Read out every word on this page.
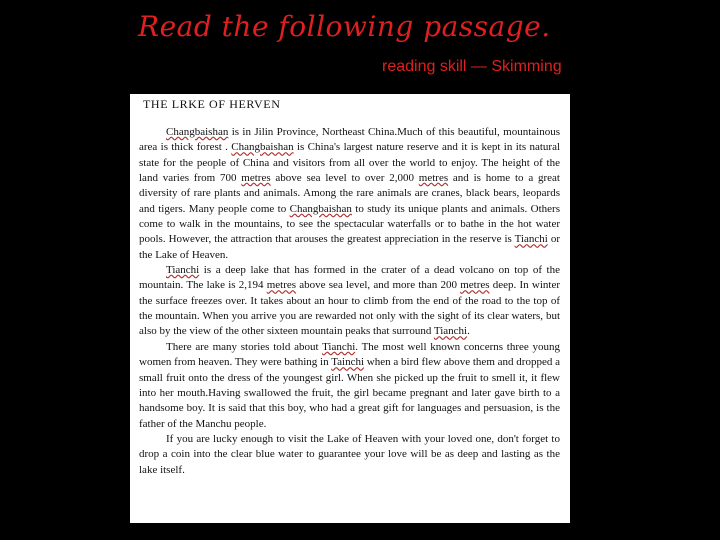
Read the following passage.
reading skill — Skimming
THE LRKE OF HERVEN

Changbaishan is in Jilin Province, Northeast China.Much of this beautiful, mountainous area is thick forest . Changbaishan is China's largest nature reserve and it is kept in its natural state for the people of China and visitors from all over the world to enjoy. The height of the land varies from 700 metres above sea level to over 2,000 metres and is home to a great diversity of rare plants and animals. Among the rare animals are cranes, black bears, leopards and tigers. Many people come to Changbaishan to study its unique plants and animals. Others come to walk in the mountains, to see the spectacular waterfalls or to bathe in the hot water pools. However, the attraction that arouses the greatest appreciation in the reserve is Tianchi or the Lake of Heaven.

Tianchi is a deep lake that has formed in the crater of a dead volcano on top of the mountain. The lake is 2,194 metres above sea level, and more than 200 metres deep. In winter the surface freezes over. It takes about an hour to climb from the end of the road to the top of the mountain. When you arrive you are rewarded not only with the sight of its clear waters, but also by the view of the other sixteen mountain peaks that surround Tianchi.

There are many stories told about Tianchi. The most well known concerns three young women from heaven. They were bathing in Tainchi when a bird flew above them and dropped a small fruit onto the dress of the youngest girl. When she picked up the fruit to smell it, it flew into her mouth.Having swallowed the fruit, the girl became pregnant and later gave birth to a handsome boy. It is said that this boy, who had a great gift for languages and persuasion, is the father of the Manchu people.

If you are lucky enough to visit the Lake of Heaven with your loved one, don't forget to drop a coin into the clear blue water to guarantee your love will be as deep and lasting as the lake itself.
